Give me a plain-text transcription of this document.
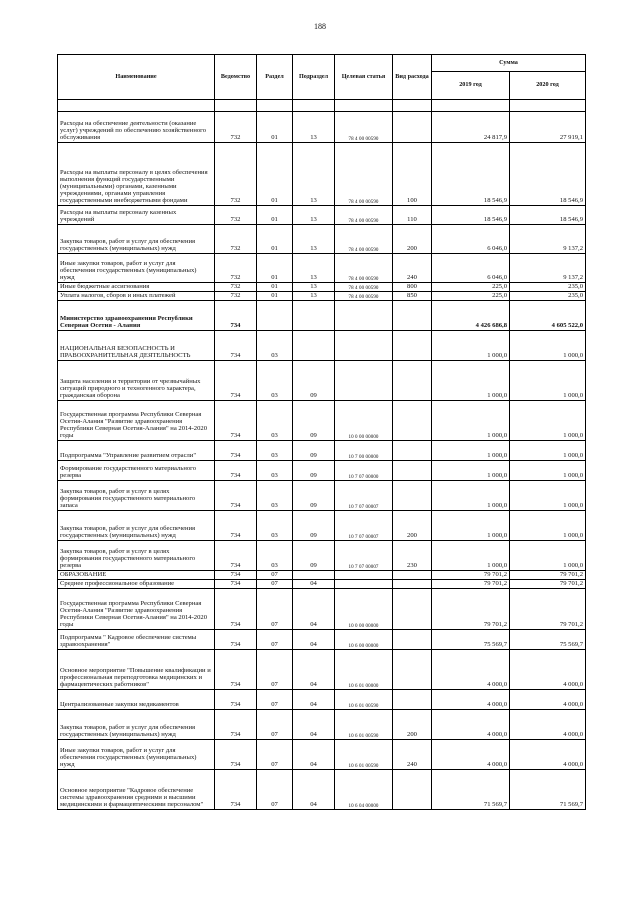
188
Наименование	Ведомство	Раздел	Подраздел	Целевая статья	Вид расхода	Сумма	
						2019 год	2020 год

Расходы на обеспечение деятельности (оказание услуг) учреждений по обеспечению хозяйственного обслуживания	732	01	13	78 4 00 00590		24 817,9	27 919,1
Расходы на выплаты персоналу в целях обеспечения выполнения функций государственными (муниципальными) органами, казенными учреждениями, органами управления государственными внебюджетными фондами	732	01	13	78 4 00 00590	100	18 546,9	18 546,9
Расходы на выплаты персоналу казенных учреждений	732	01	13	78 4 00 00590	110	18 546,9	18 546,9
Закупка товаров, работ и услуг для обеспечения государственных (муниципальных) нужд	732	01	13	78 4 00 00590	200	6 046,0	9 137,2
Иные закупки товаров, работ и услуг для обеспечения государственных (муниципальных) нужд	732	01	13	78 4 00 00590	240	6 046,0	9 137,2
Иные бюджетные ассигнования	732	01	13	78 4 00 00590	800	225,0	235,0
Уплата налогов, сборов и иных платежей	732	01	13	78 4 00 00590	850	225,0	235,0
Министерство здравоохранения Республики Северная Осетия - Алания	734					4 426 686,8	4 605 522,0
НАЦИОНАЛЬНАЯ БЕЗОПАСНОСТЬ И ПРАВООХРАНИТЕЛЬНАЯ ДЕЯТЕЛЬНОСТЬ	734	03				1 000,0	1 000,0
Защита населения и территории от чрезвычайных ситуаций природного и техногенного характера, гражданская оборона	734	03	09			1 000,0	1 000,0
Государственная программа Республики Северная Осетия-Алания "Развитие здравоохранения Республики Северная Осетия-Алания" на 2014-2020 годы	734	03	09	10 0 00 00000		1 000,0	1 000,0
Подпрограмма "Управление развитием отрасли"	734	03	09	10 7 00 00000		1 000,0	1 000,0
Формирование государственного материального резерва	734	03	09	10 7 07 00000		1 000,0	1 000,0
Закупка товаров, работ и услуг в целях формирования государственного материального запаса	734	03	09	10 7 07 00007		1 000,0	1 000,0
Закупка товаров, работ и услуг для обеспечения государственных (муниципальных) нужд	734	03	09	10 7 07 00007	200	1 000,0	1 000,0
Закупка товаров, работ и услуг в целях формирования государственного материального резерва	734	03	09	10 7 07 00007	230	1 000,0	1 000,0
ОБРАЗОВАНИЕ	734	07				79 701,2	79 701,2
Среднее профессиональное образование	734	07	04			79 701,2	79 701,2
Государственная программа Республики Северная Осетия-Алания "Развитие здравоохранения Республики Северная Осетия-Алания" на 2014-2020 годы	734	07	04	10 0 00 00000		79 701,2	79 701,2
Подпрограмма " Кадровое обеспечение системы здравоохранения"	734	07	04	10 6 00 00000		75 569,7	75 569,7
Основное мероприятие "Повышение квалификации и профессиональная переподготовка медицинских и фармацевтических работников"	734	07	04	10 6 01 00000		4 000,0	4 000,0
Централизованные закупки медикаментов	734	07	04	10 6 01 00590		4 000,0	4 000,0
Закупка товаров, работ и услуг для обеспечения государственных (муниципальных) нужд	734	07	04	10 6 01 00590	200	4 000,0	4 000,0
Иные закупки товаров, работ и услуг для обеспечения государственных (муниципальных) нужд	734	07	04	10 6 01 00590	240	4 000,0	4 000,0
Основное мероприятие "Кадровое обеспечение системы здравоохранения средними и высшими медицинскими и фармацевтическими персоналом"	734	07	04	10 6 04 00000		71 569,7	71 569,7
